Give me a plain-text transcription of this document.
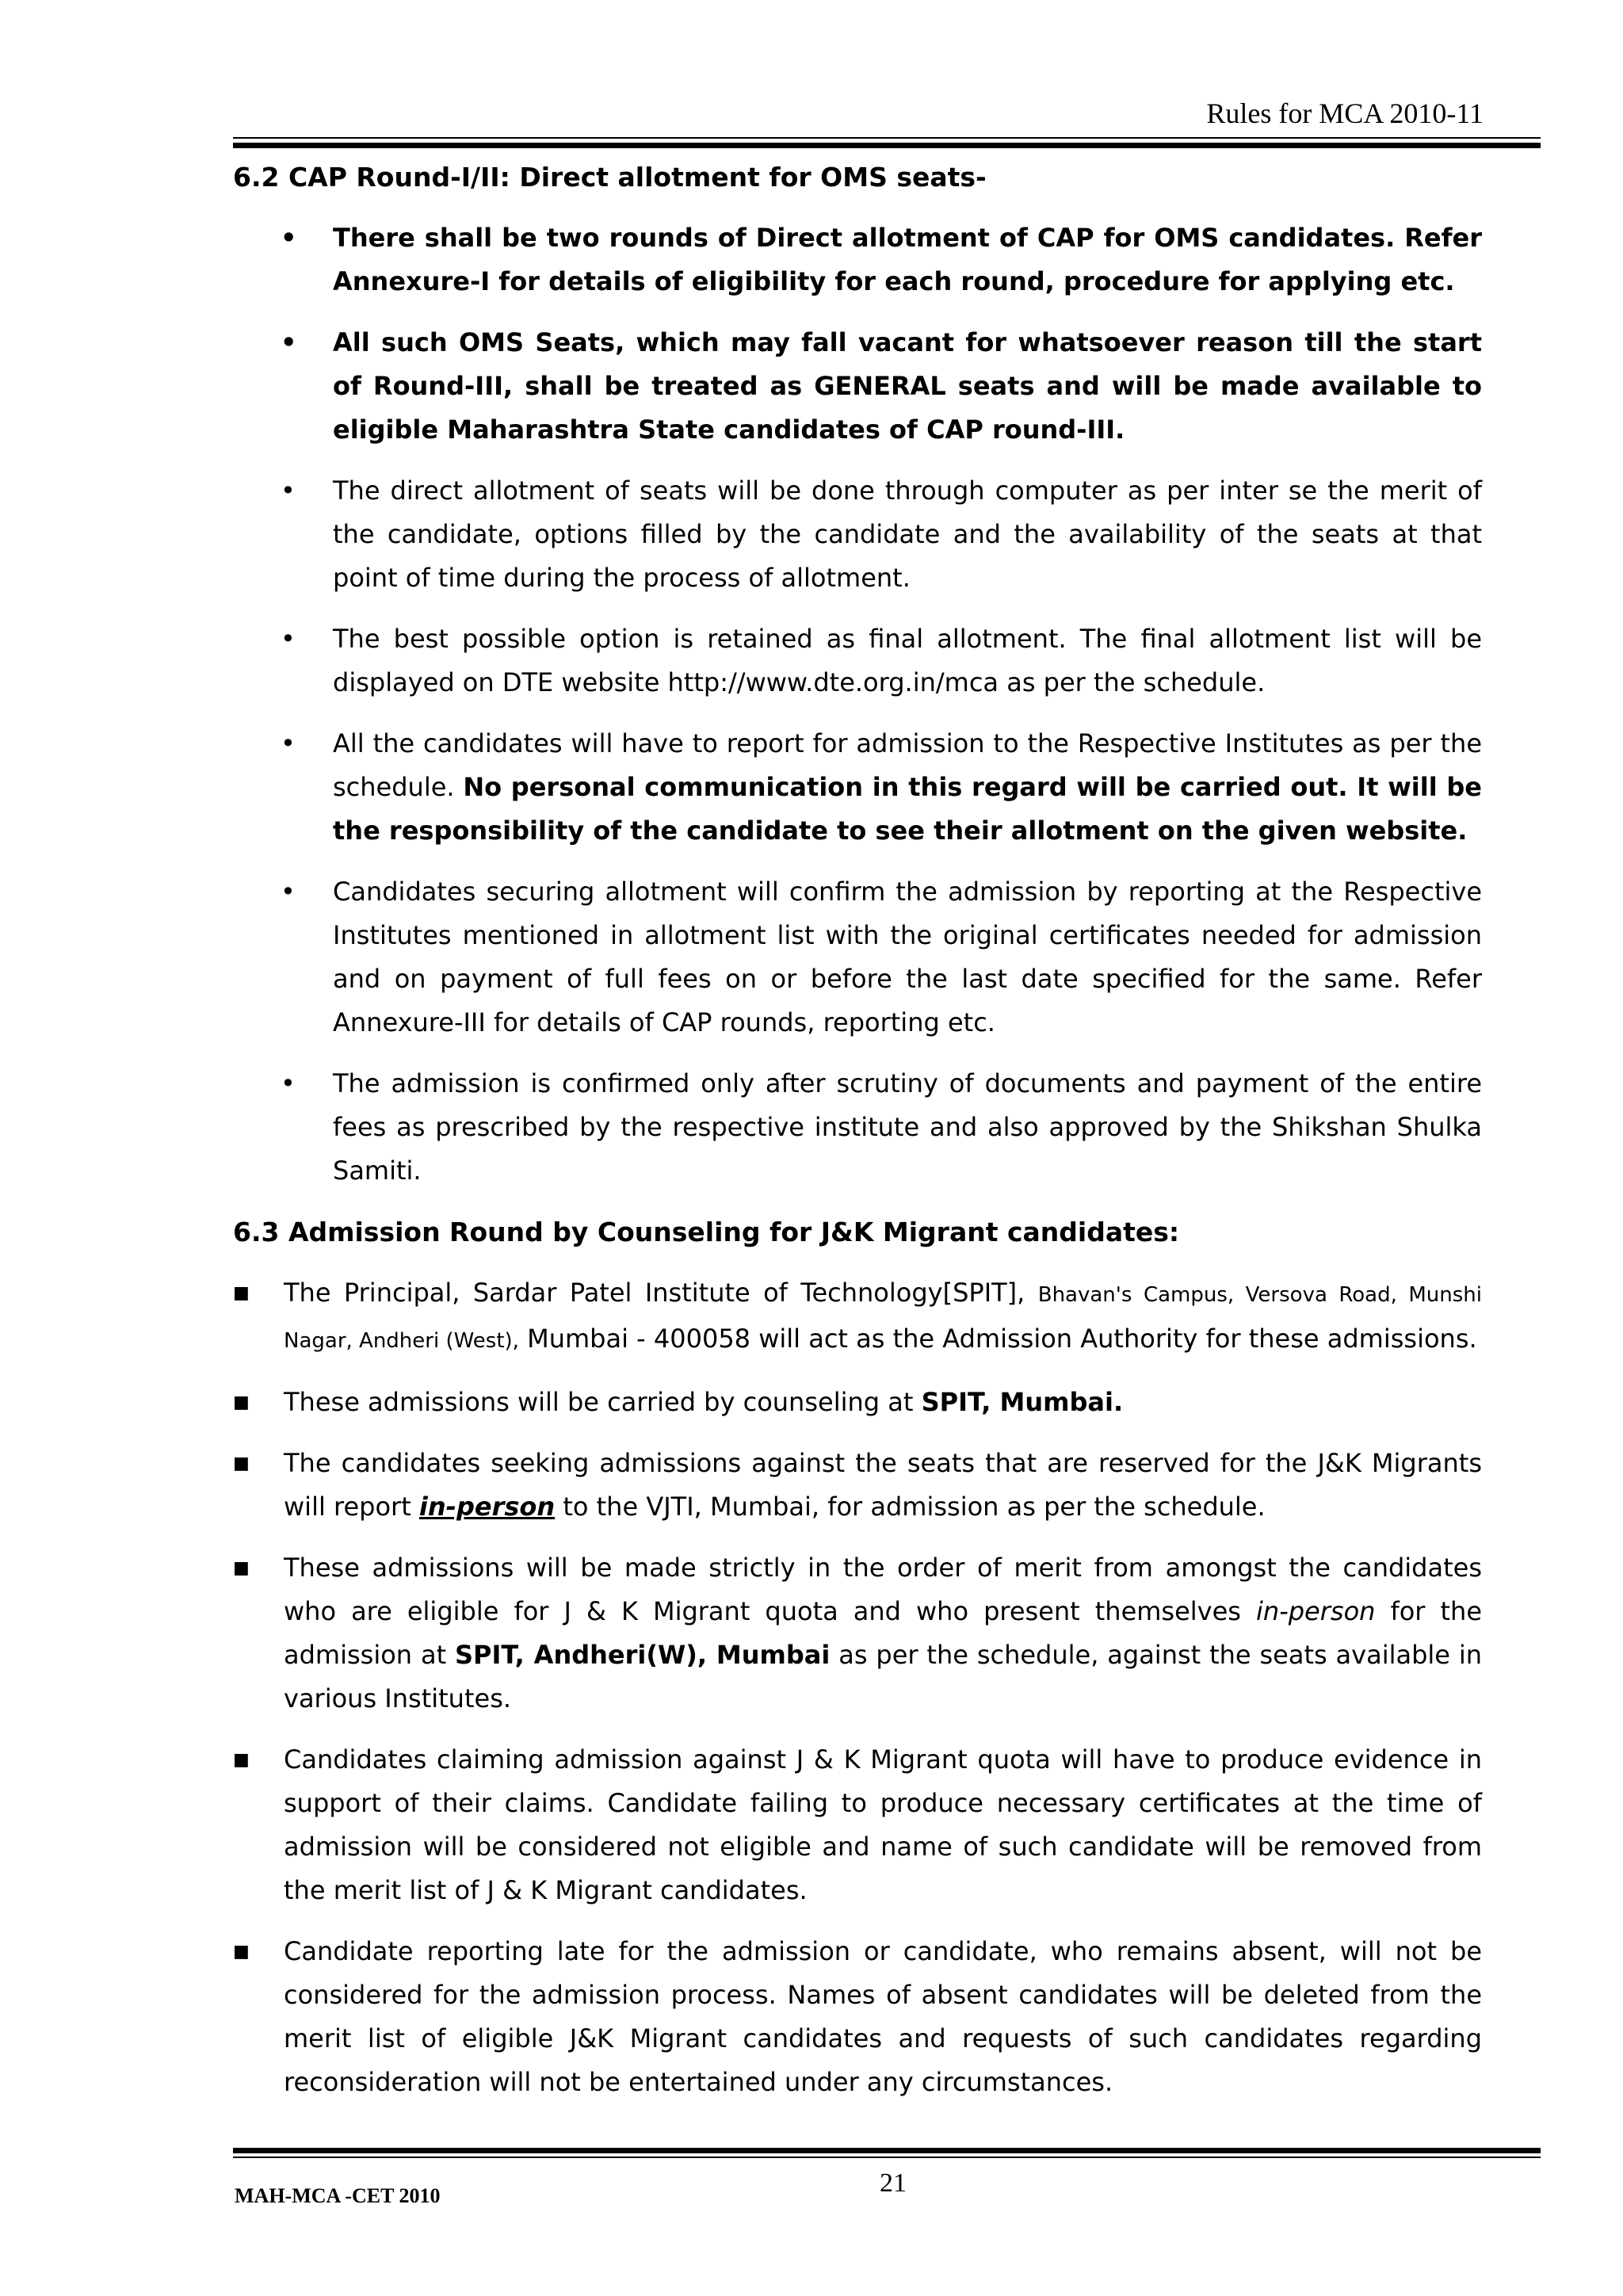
Rules for MCA 2010-11
6.2 CAP Round-I/II: Direct allotment for OMS seats-
• There shall be two rounds of Direct allotment of CAP for OMS candidates. Refer Annexure-I for details of eligibility for each round, procedure for applying etc.
• All such OMS Seats, which may fall vacant for whatsoever reason till the start of Round-III, shall be treated as GENERAL seats and will be made available to eligible Maharashtra State candidates of CAP round-III.
• The direct allotment of seats will be done through computer as per inter se the merit of the candidate, options filled by the candidate and the availability of the seats at that point of time during the process of allotment.
• The best possible option is retained as final allotment. The final allotment list will be displayed on DTE website http://www.dte.org.in/mca as per the schedule.
• All the candidates will have to report for admission to the Respective Institutes as per the schedule. No personal communication in this regard will be carried out. It will be the responsibility of the candidate to see their allotment on the given website.
• Candidates securing allotment will confirm the admission by reporting at the Respective Institutes mentioned in allotment list with the original certificates needed for admission and on payment of full fees on or before the last date specified for the same. Refer Annexure-III for details of CAP rounds, reporting etc.
• The admission is confirmed only after scrutiny of documents and payment of the entire fees as prescribed by the respective institute and also approved by the Shikshan Shulka Samiti.
6.3 Admission Round by Counseling for J&K Migrant candidates:
■ The Principal, Sardar Patel Institute of Technology[SPIT], Bhavan's Campus, Versova Road, Munshi Nagar, Andheri (West), Mumbai - 400058 will act as the Admission Authority for these admissions.
■ These admissions will be carried by counseling at SPIT, Mumbai.
■ The candidates seeking admissions against the seats that are reserved for the J&K Migrants will report in-person to the VJTI, Mumbai, for admission as per the schedule.
■ These admissions will be made strictly in the order of merit from amongst the candidates who are eligible for J & K Migrant quota and who present themselves in-person for the admission at SPIT, Andheri(W), Mumbai as per the schedule, against the seats available in various Institutes.
■ Candidates claiming admission against J & K Migrant quota will have to produce evidence in support of their claims. Candidate failing to produce necessary certificates at the time of admission will be considered not eligible and name of such candidate will be removed from the merit list of J & K Migrant candidates.
■ Candidate reporting late for the admission or candidate, who remains absent, will not be considered for the admission process. Names of absent candidates will be deleted from the merit list of eligible J&K Migrant candidates and requests of such candidates regarding reconsideration will not be entertained under any circumstances.
MAH-MCA -CET 2010	21
